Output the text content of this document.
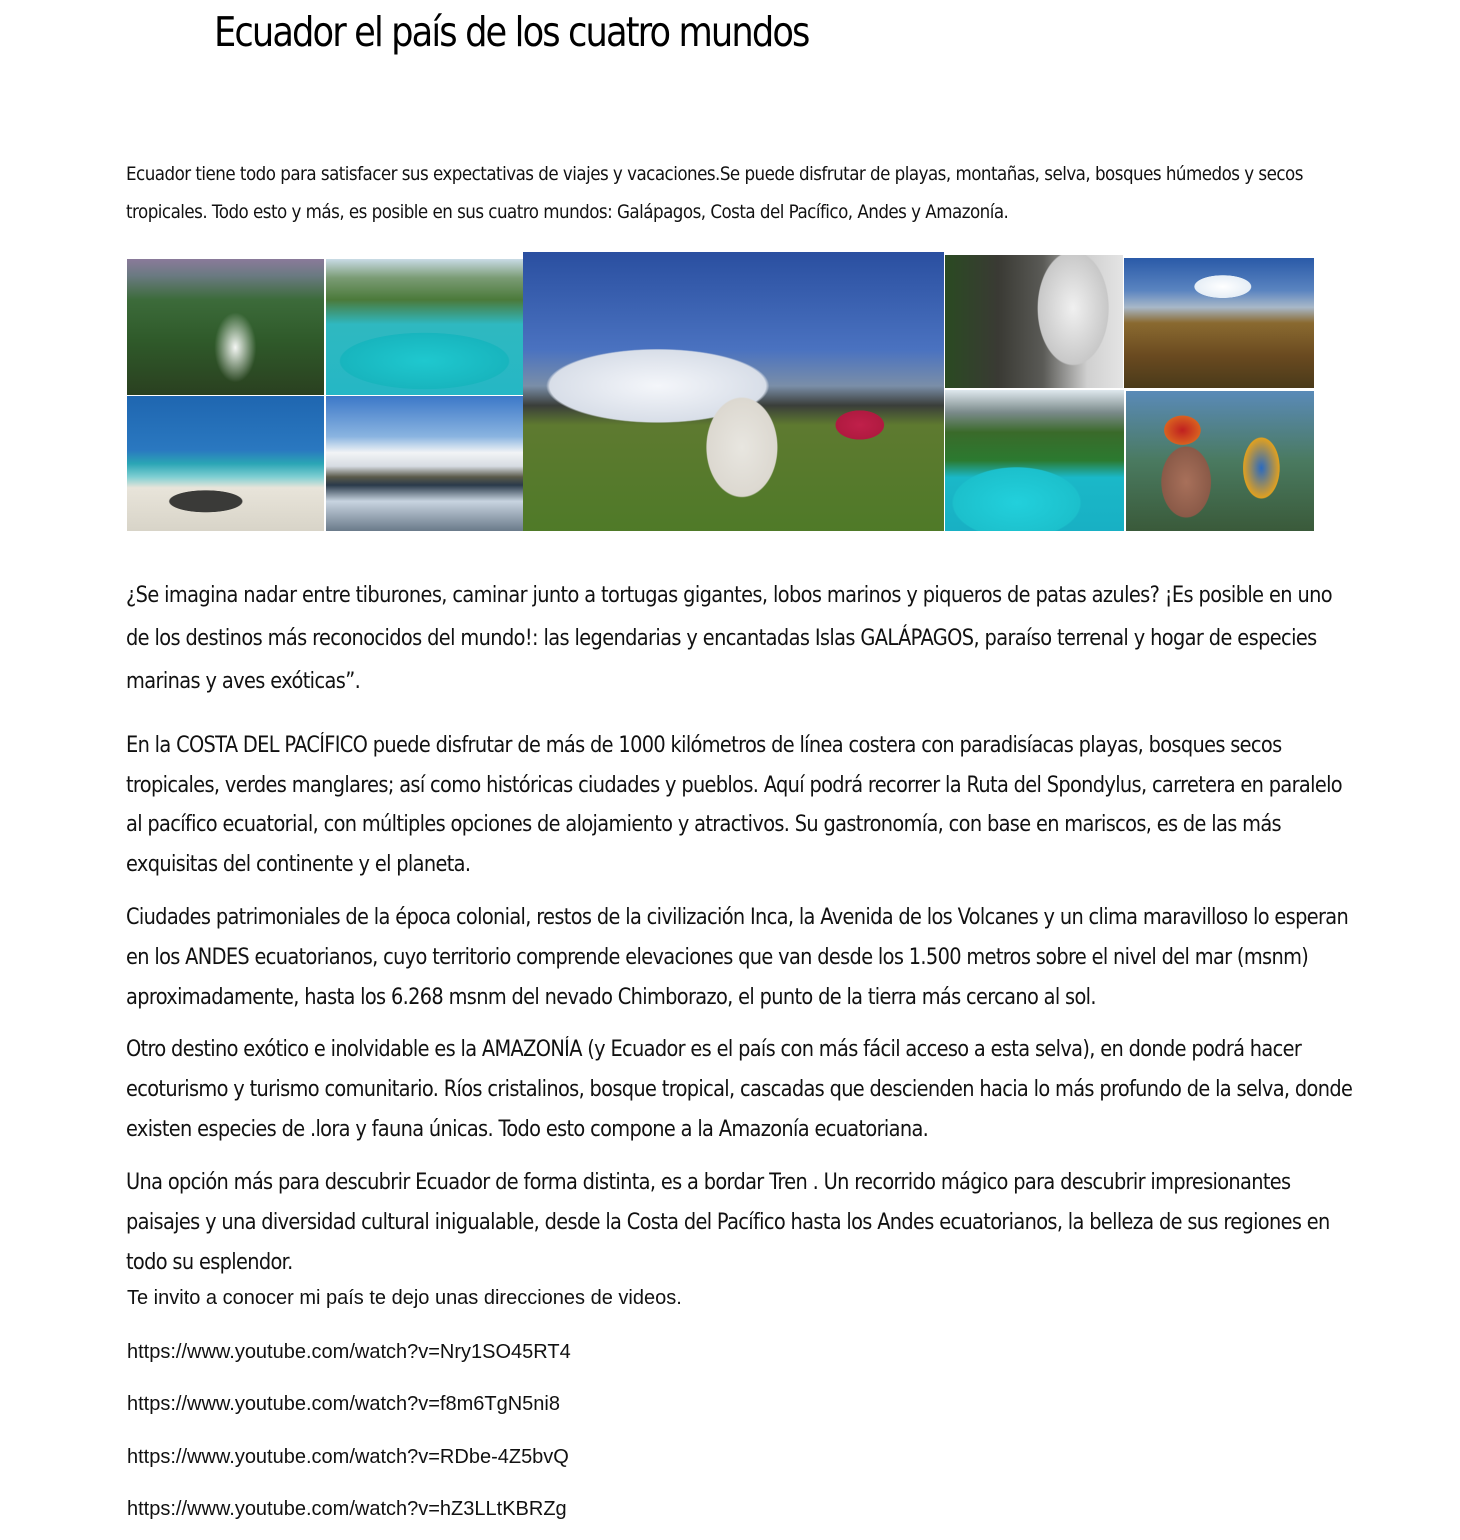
Ecuador el país de los cuatro mundos
Ecuador tiene todo para satisfacer sus expectativas de viajes y vacaciones.Se puede disfrutar de playas, montañas, selva, bosques húmedos y secos
tropicales. Todo esto y más, es posible en sus cuatro mundos: Galápagos, Costa del Pacífico, Andes y Amazonía.
¿Se imagina nadar entre tiburones, caminar junto a tortugas gigantes, lobos marinos y piqueros de patas azules? ¡Es posible en uno
de los destinos más reconocidos del mundo!: las legendarias y encantadas Islas GALÁPAGOS, paraíso terrenal y hogar de especies
marinas y aves exóticas”.
En la COSTA DEL PACÍFICO puede disfrutar de más de 1000 kilómetros de línea costera con paradisíacas playas, bosques secos
tropicales, verdes manglares; así como históricas ciudades y pueblos. Aquí podrá recorrer la Ruta del Spondylus, carretera en paralelo
al pacífico ecuatorial, con múltiples opciones de alojamiento y atractivos. Su gastronomía, con base en mariscos, es de las más
exquisitas del continente y el planeta.
Ciudades patrimoniales de la época colonial, restos de la civilización Inca, la Avenida de los Volcanes y un clima maravilloso lo esperan
en los ANDES ecuatorianos, cuyo territorio comprende elevaciones que van desde los 1.500 metros sobre el nivel del mar (msnm)
aproximadamente, hasta los 6.268 msnm del nevado Chimborazo, el punto de la tierra más cercano al sol.
Otro destino exótico e inolvidable es la AMAZONÍA (y Ecuador es el país con más fácil acceso a esta selva), en donde podrá hacer
ecoturismo y turismo comunitario. Ríos cristalinos, bosque tropical, cascadas que descienden hacia lo más profundo de la selva, donde
existen especies de .lora y fauna únicas. Todo esto compone a la Amazonía ecuatoriana.
Una opción más para descubrir Ecuador de forma distinta, es a bordar Tren . Un recorrido mágico para descubrir impresionantes
paisajes y una diversidad cultural inigualable, desde la Costa del Pacífico hasta los Andes ecuatorianos, la belleza de sus regiones en
todo su esplendor.
Te invito a conocer mi país te dejo unas direcciones de videos.
https://www.youtube.com/watch?v=Nry1SO45RT4
https://www.youtube.com/watch?v=f8m6TgN5ni8
https://www.youtube.com/watch?v=RDbe-4Z5bvQ
https://www.youtube.com/watch?v=hZ3LLtKBRZg
